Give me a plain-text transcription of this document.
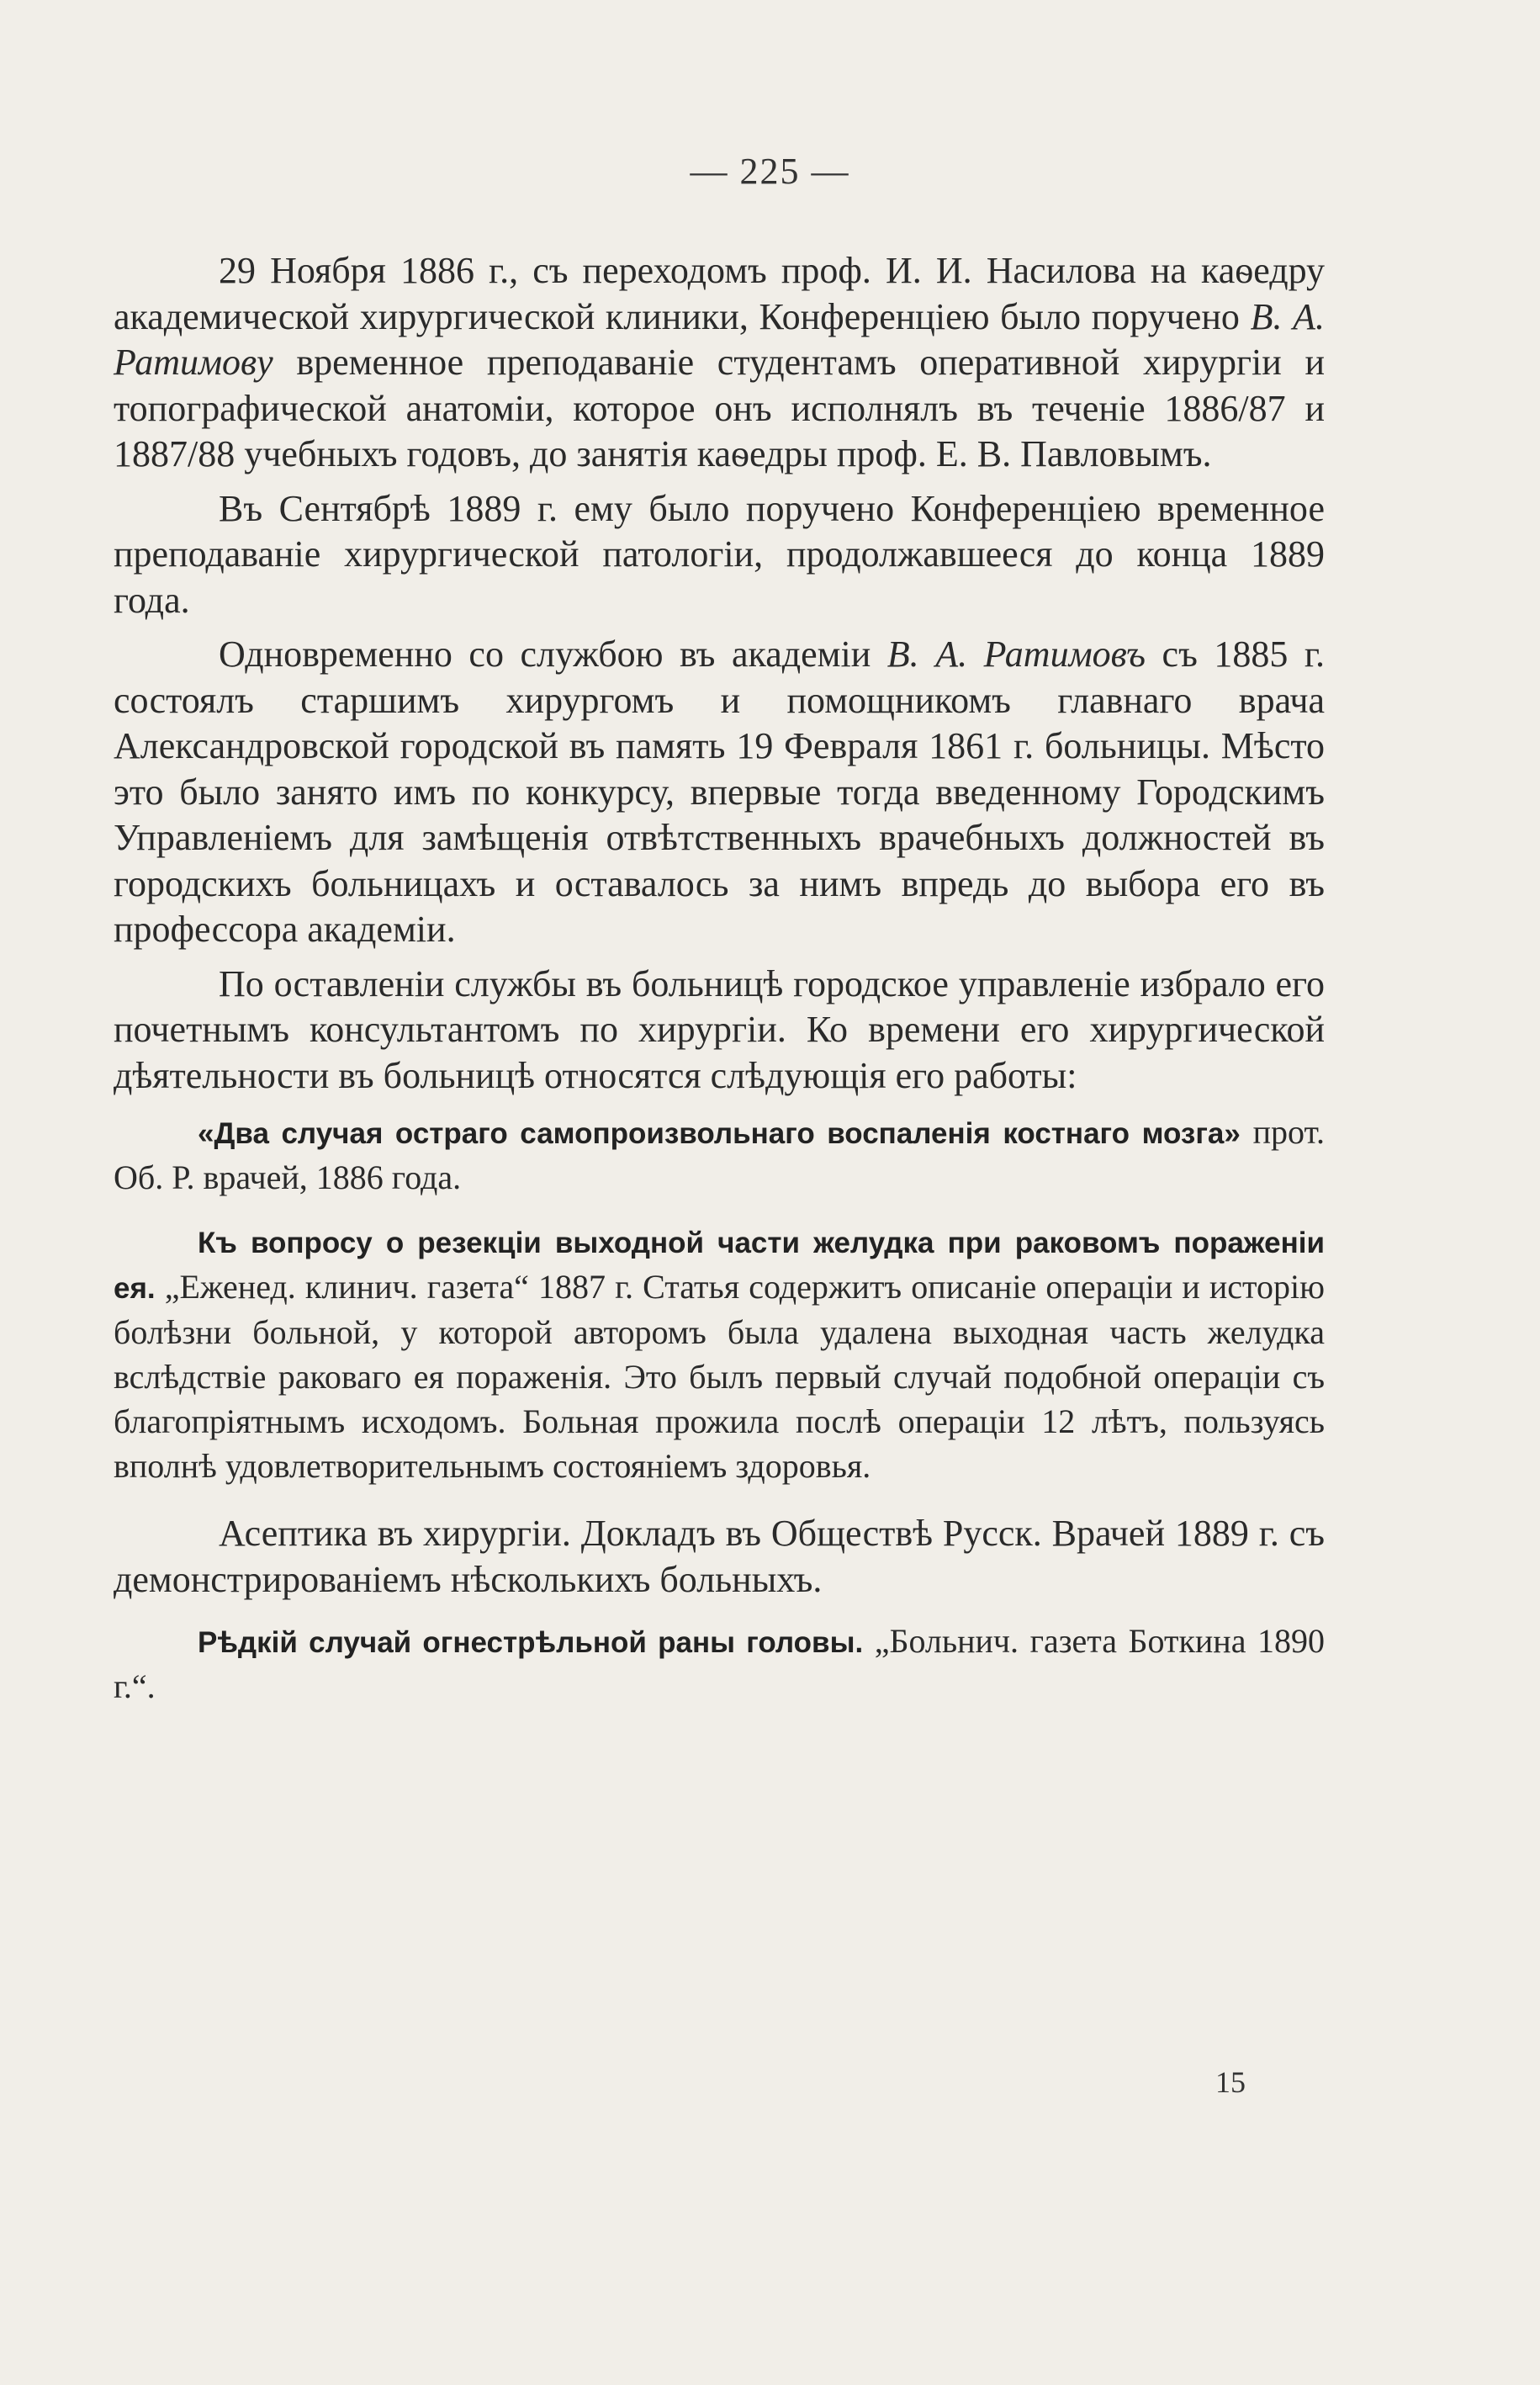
— 225 —

29 Ноября 1886 г., съ переходомъ проф. И. И. Насилова на каѳедру академической хирургической клиники, Конференціею было поручено В. А. Ратимову временное преподаваніе студентамъ оперативной хирургіи и топографической анатоміи, которое онъ исполнялъ въ теченіе 1886/87 и 1887/88 учебныхъ годовъ, до занятія каѳедры проф. Е. В. Павловымъ.

Въ Сентябрѣ 1889 г. ему было поручено Конференціею временное преподаваніе хирургической патологіи, продолжавшееся до конца 1889 года.

Одновременно со службою въ академіи В. А. Ратимовъ съ 1885 г. состоялъ старшимъ хирургомъ и помощникомъ главнаго врача Александровской городской въ память 19 Февраля 1861 г. больницы. Мѣсто это было занято имъ по конкурсу, впервые тогда введенному Городскимъ Управленіемъ для замѣщенія отвѣтственныхъ врачебныхъ должностей въ городскихъ больницахъ и оставалось за нимъ впредь до выбора его въ профессора академіи.

По оставленіи службы въ больницѣ городское управленіе избрало его почетнымъ консультантомъ по хирургіи. Ко времени его хирургической дѣятельности въ больницѣ относятся слѣдующія его работы:

«Два случая остраго самопроизвольнаго воспаленія костнаго мозга» прот. Об. Р. врачей, 1886 года.

Къ вопросу о резекціи выходной части желудка при раковомъ пораженіи ея. „Еженед. клинич. газета“ 1887 г. Статья содержитъ описаніе операціи и исторію болѣзни больной, у которой авторомъ была удалена выходная часть желудка вслѣдствіе раковаго ея пораженія. Это былъ первый случай подобной операціи съ благопріятнымъ исходомъ. Больная прожила послѣ операціи 12 лѣтъ, пользуясь вполнѣ удовлетворительнымъ состояніемъ здоровья.

Асептика въ хирургіи. Докладъ въ Обществѣ Русск. Врачей 1889 г. съ демонстрированіемъ нѣсколькихъ больныхъ.

Рѣдкій случай огнестрѣльной раны головы. „Больнич. газета Боткина 1890 г.“.

15
